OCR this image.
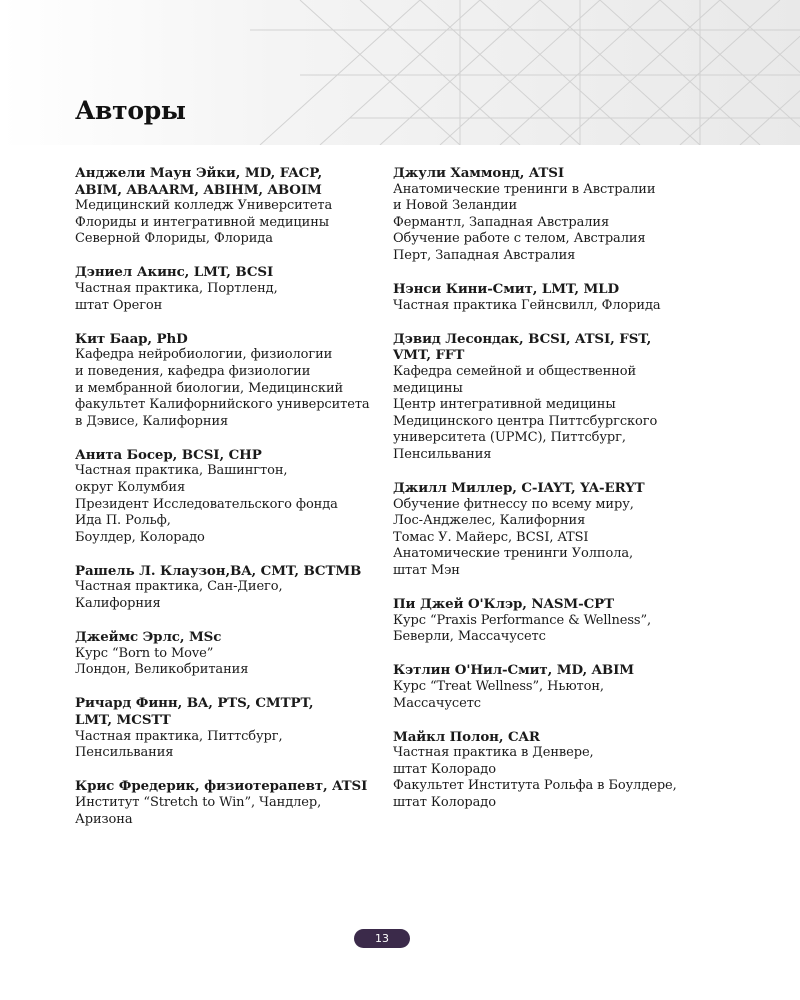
Авторы
Анджели Маун Эйки, MD, FACP,
ABIM, ABAARM, ABIHM, ABOIM
Медицинский колледж Университета
Флориды и интегративной медицины
Северной Флориды, Флорида
Дэниел Акинс, LMT, BCSI
Частная практика, Портленд,
штат Орегон
Кит Баар, PhD
Кафедра нейробиологии, физиологии
и поведения, кафедра физиологии
и мембранной биологии, Медицинский
факультет Калифорнийского университета
в Дэвисе, Калифорния
Анита Босер, BCSI, CHP
Частная практика, Вашингтон,
округ Колумбия
Президент Исследовательского фонда
Ида П. Рольф,
Боулдер, Колорадо
Рашель Л. Клаузон,BA, CMT, BCTMB
Частная практика, Сан-Диего,
Калифорния
Джеймс Эрлс, MSc
Курс “Born to Move”
Лондон, Великобритания
Ричард Финн, BA, PTS, CMTPT,
LMT, MCSTT
Частная практика, Питтсбург,
Пенсильвания
Крис Фредерик, физиотерапевт, ATSI
Институт “Stretch to Win”, Чандлер,
Аризона
Джули Хаммонд, ATSI
Анатомические тренинги в Австралии
и Новой Зеландии
Фермантл, Западная Австралия
Обучение работе с телом, Австралия
Перт, Западная Австралия
Нэнси Кини-Смит, LMT, MLD
Частная практика Гейнсвилл, Флорида
Дэвид Лесондак, BCSI, ATSI, FST,
VMT, FFT
Кафедра семейной и общественной
медицины
Центр интегративной медицины
Медицинского центра Питтсбургского
университета (UPMC), Питтсбург,
Пенсильвания
Джилл Миллер, C-IAYT, YA-ERYT
Обучение фитнессу по всему миру,
Лос-Анджелес, Калифорния
Томас У. Майерс, BCSI, ATSI
Анатомические тренинги Уолпола,
штат Мэн
Пи Джей О'Клэр, NASM-CPT
Курс “Praxis Performance & Wellness”,
Беверли, Массачусетс
Кэтлин О'Нил-Смит, MD, ABIM
Курс “Treat Wellness”, Ньютон,
Массачусетс
Майкл Полон, CAR
Частная практика в Денвере,
штат Колорадо
Факультет Института Рольфа в Боулдере,
штат Колорадо
13
